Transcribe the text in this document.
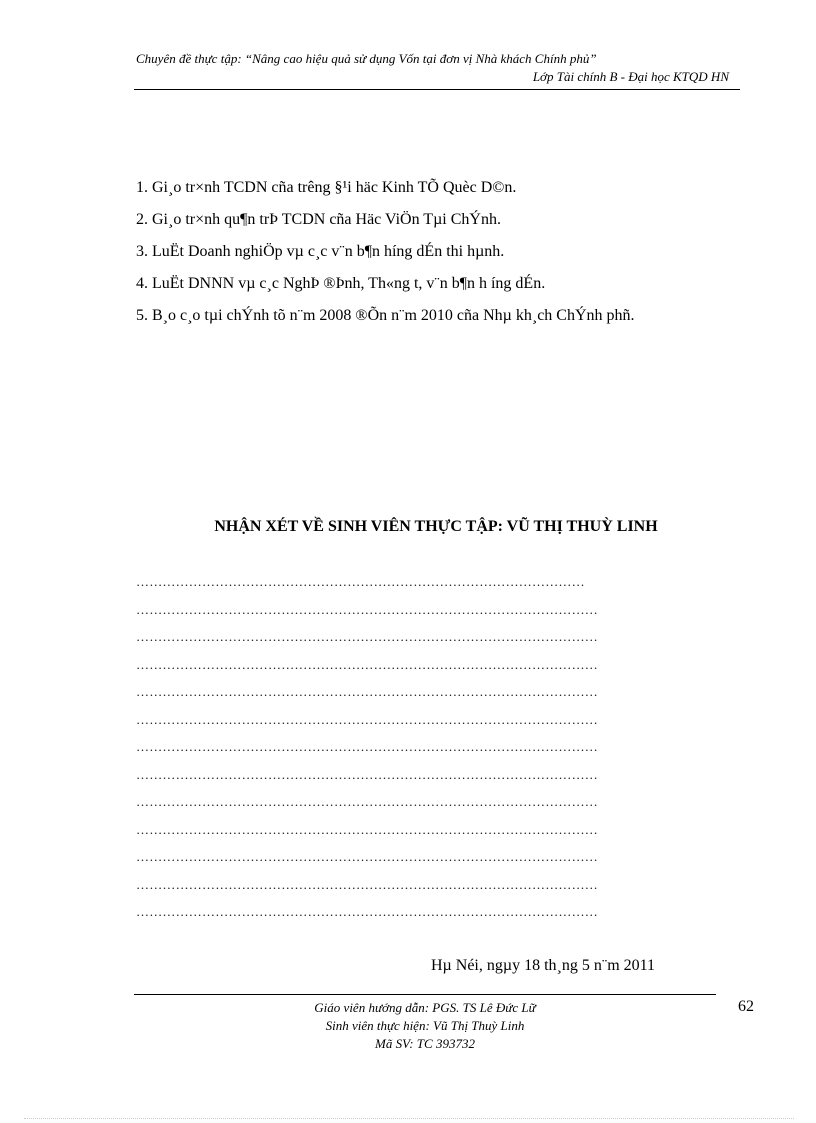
Chuyên đề thực tập: “Nâng cao hiệu quả sử dụng Vốn tại đơn vị Nhà khách Chính phủ”
Lớp Tài chính B - Đại học KTQD HN
1. Gi¸o tr×nh TCDN cña trêng §¹i häc Kinh TÕ Quèc D©n.
2. Gi¸o tr×nh qu¶n trÞ TCDN cña Häc ViÖn Tµi ChÝnh.
3. LuËt Doanh nghiÖp vµ c¸c v¨n b¶n híng dÉn thi hµnh.
4. LuËt DNNN vµ c¸c NghÞ ®Þnh, Th«ng t, v¨n b¶n h íng dÉn.
5. B¸o c¸o tµi chÝnh tõ n¨m 2008 ®Õn n¨m 2010 cña Nhµ kh¸ch ChÝnh phñ.
NHẬN XÉT VỀ SINH VIÊN THỰC TẬP: VŨ THỊ THUỲ LINH
…………………………………………………………………………………………
……………………………………………………………………………………………
……………………………………………………………………………………………
……………………………………………………………………………………………
……………………………………………………………………………………………
……………………………………………………………………………………………
……………………………………………………………………………………………
……………………………………………………………………………………………
……………………………………………………………………………………………
……………………………………………………………………………………………
……………………………………………………………………………………………
……………………………………………………………………………………………
……………………………………………………………………………………………
Hµ Néi, ngµy 18 th¸ng 5 n¨m 2011
Giáo viên hướng dẫn: PGS. TS Lê Đức Lữ
Sinh viên thực hiện: Vũ Thị Thuỳ Linh
Mã SV: TC 393732
62
